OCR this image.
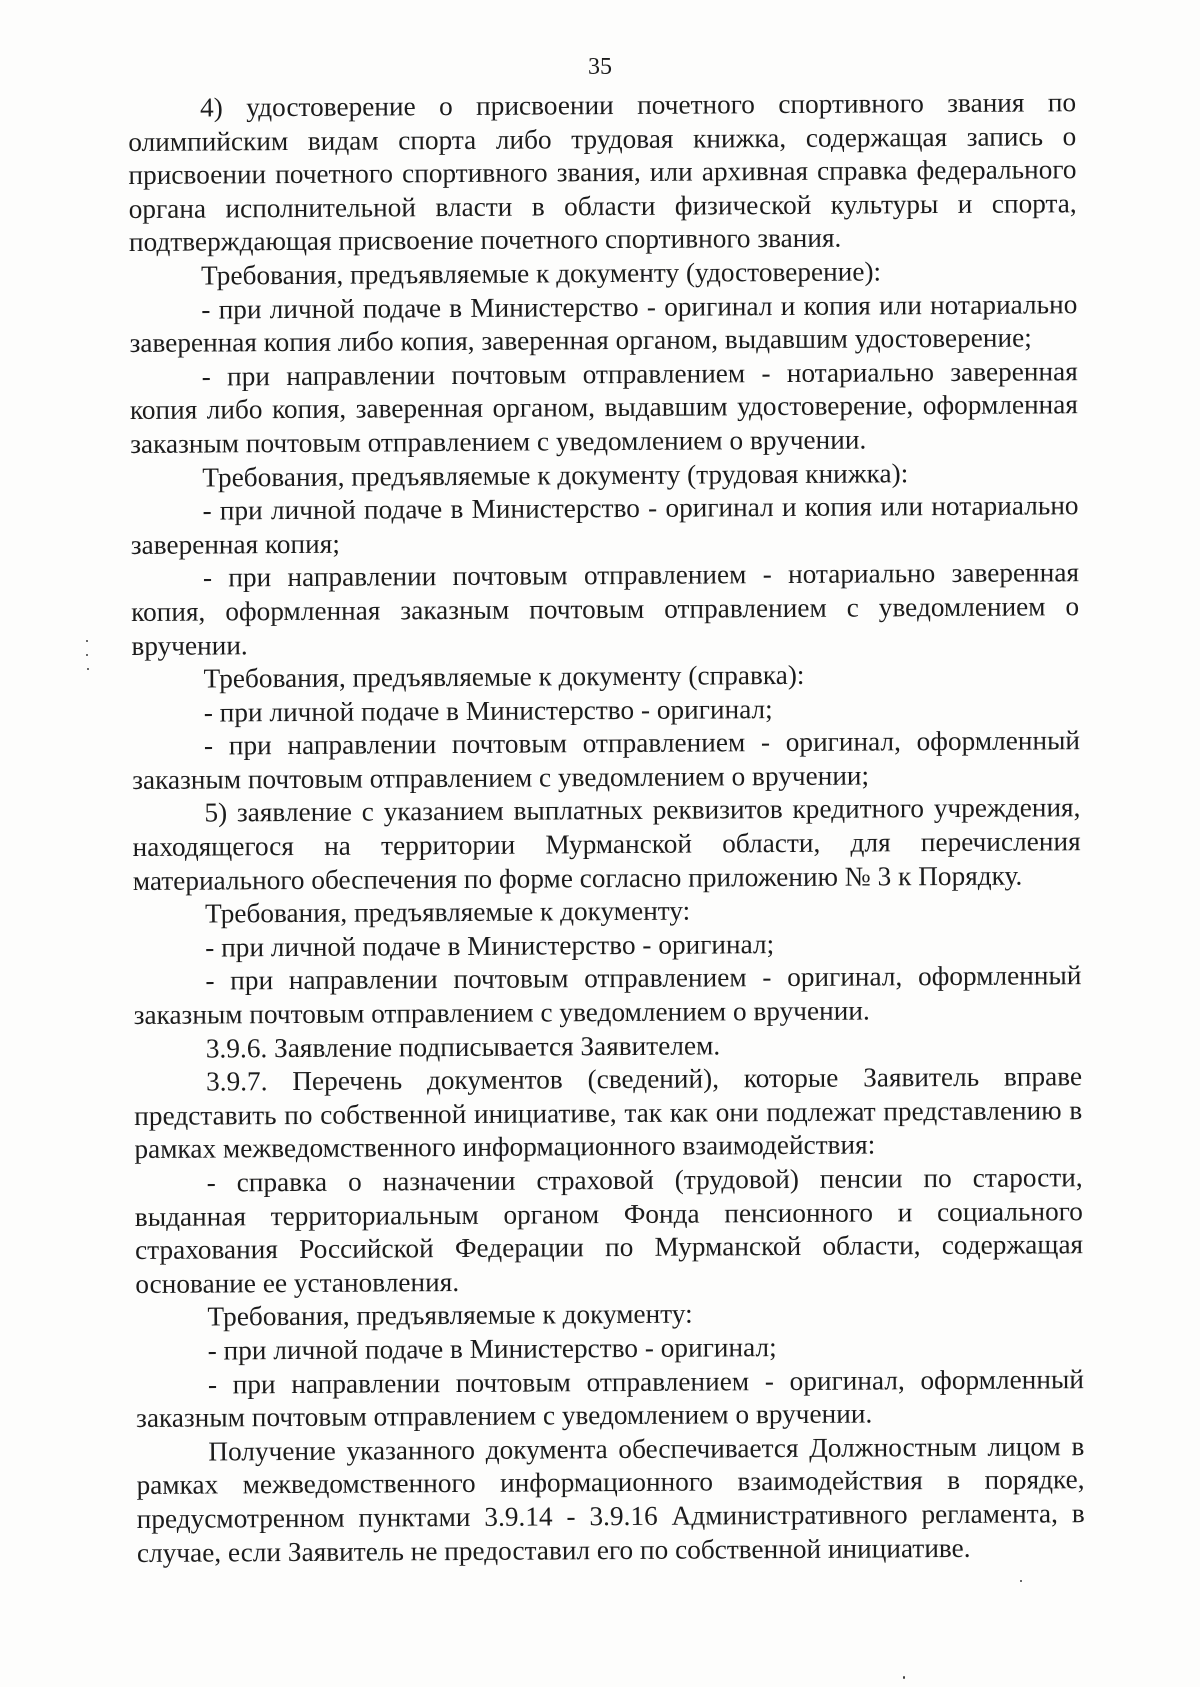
35

4) удостоверение о присвоении почетного спортивного звания по олимпийским видам спорта либо трудовая книжка, содержащая запись о присвоении почетного спортивного звания, или архивная справка федерального органа исполнительной власти в области физической культуры и спорта, подтверждающая присвоение почетного спортивного звания.

Требования, предъявляемые к документу (удостоверение):

- при личной подаче в Министерство - оригинал и копия или нотариально заверенная копия либо копия, заверенная органом, выдавшим удостоверение;

- при направлении почтовым отправлением - нотариально заверенная копия либо копия, заверенная органом, выдавшим удостоверение, оформленная заказным почтовым отправлением с уведомлением о вручении.

Требования, предъявляемые к документу (трудовая книжка):

- при личной подаче в Министерство - оригинал и копия или нотариально заверенная копия;

- при направлении почтовым отправлением - нотариально заверенная копия, оформленная заказным почтовым отправлением с уведомлением о вручении.

Требования, предъявляемые к документу (справка):

- при личной подаче в Министерство - оригинал;

- при направлении почтовым отправлением - оригинал, оформленный заказным почтовым отправлением с уведомлением о вручении;

5) заявление с указанием выплатных реквизитов кредитного учреждения, находящегося на территории Мурманской области, для перечисления материального обеспечения по форме согласно приложению № 3 к Порядку.

Требования, предъявляемые к документу:

- при личной подаче в Министерство - оригинал;

- при направлении почтовым отправлением - оригинал, оформленный заказным почтовым отправлением с уведомлением о вручении.

3.9.6. Заявление подписывается Заявителем.

3.9.7. Перечень документов (сведений), которые Заявитель вправе представить по собственной инициативе, так как они подлежат представлению в рамках межведомственного информационного взаимодействия:

- справка о назначении страховой (трудовой) пенсии по старости, выданная территориальным органом Фонда пенсионного и социального страхования Российской Федерации по Мурманской области, содержащая основание ее установления.

Требования, предъявляемые к документу:

- при личной подаче в Министерство - оригинал;

- при направлении почтовым отправлением - оригинал, оформленный заказным почтовым отправлением с уведомлением о вручении.

Получение указанного документа обеспечивается Должностным лицом в рамках межведомственного информационного взаимодействия в порядке, предусмотренном пунктами 3.9.14 - 3.9.16 Административного регламента, в случае, если Заявитель не предоставил его по собственной инициативе.
